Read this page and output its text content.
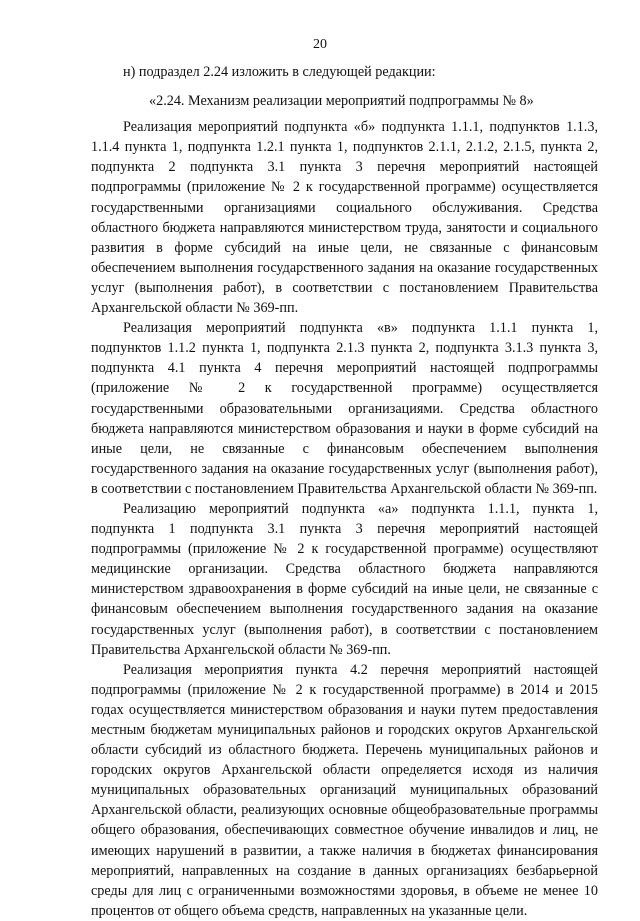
20

н) подраздел 2.24 изложить в следующей редакции:

«2.24. Механизм реализации мероприятий подпрограммы № 8»

Реализация мероприятий подпункта «б» подпункта 1.1.1, подпунктов 1.1.3, 1.1.4 пункта 1, подпункта 1.2.1 пункта 1, подпунктов 2.1.1, 2.1.2, 2.1.5, пункта 2, подпункта 2 подпункта 3.1 пункта 3 перечня мероприятий настоящей подпрограммы (приложение № 2 к государственной программе) осуществляется государственными организациями социального обслуживания. Средства областного бюджета направляются министерством труда, занятости и социального развития в форме субсидий на иные цели, не связанные с финансовым обеспечением выполнения государственного задания на оказание государственных услуг (выполнения работ), в соответствии с постановлением Правительства Архангельской области № 369-пп.

Реализация мероприятий подпункта «в» подпункта 1.1.1 пункта 1, подпунктов 1.1.2 пункта 1, подпункта 2.1.3 пункта 2, подпункта 3.1.3 пункта 3, подпункта 4.1 пункта 4 перечня мероприятий настоящей подпрограммы (приложение № 2 к государственной программе) осуществляется государственными образовательными организациями. Средства областного бюджета направляются министерством образования и науки в форме субсидий на иные цели, не связанные с финансовым обеспечением выполнения государственного задания на оказание государственных услуг (выполнения работ), в соответствии с постановлением Правительства Архангельской области № 369-пп.

Реализацию мероприятий подпункта «а» подпункта 1.1.1, пункта 1, подпункта 1 подпункта 3.1 пункта 3 перечня мероприятий настоящей подпрограммы (приложение № 2 к государственной программе) осуществляют медицинские организации. Средства областного бюджета направляются министерством здравоохранения в форме субсидий на иные цели, не связанные с финансовым обеспечением выполнения государственного задания на оказание государственных услуг (выполнения работ), в соответствии с постановлением Правительства Архангельской области № 369-пп.

Реализация мероприятия пункта 4.2 перечня мероприятий настоящей подпрограммы (приложение № 2 к государственной программе) в 2014 и 2015 годах осуществляется министерством образования и науки путем предоставления местным бюджетам муниципальных районов и городских округов Архангельской области субсидий из областного бюджета. Перечень муниципальных районов и городских округов Архангельской области определяется исходя из наличия муниципальных образовательных организаций муниципальных образований Архангельской области, реализующих основные общеобразовательные программы общего образования, обеспечивающих совместное обучение инвалидов и лиц, не имеющих нарушений в развитии, а также наличия в бюджетах финансирования мероприятий, направленных на создание в данных организациях безбарьерной среды для лиц с ограниченными возможностями здоровья, в объеме не менее 10 процентов от общего объема средств, направленных на указанные цели.
